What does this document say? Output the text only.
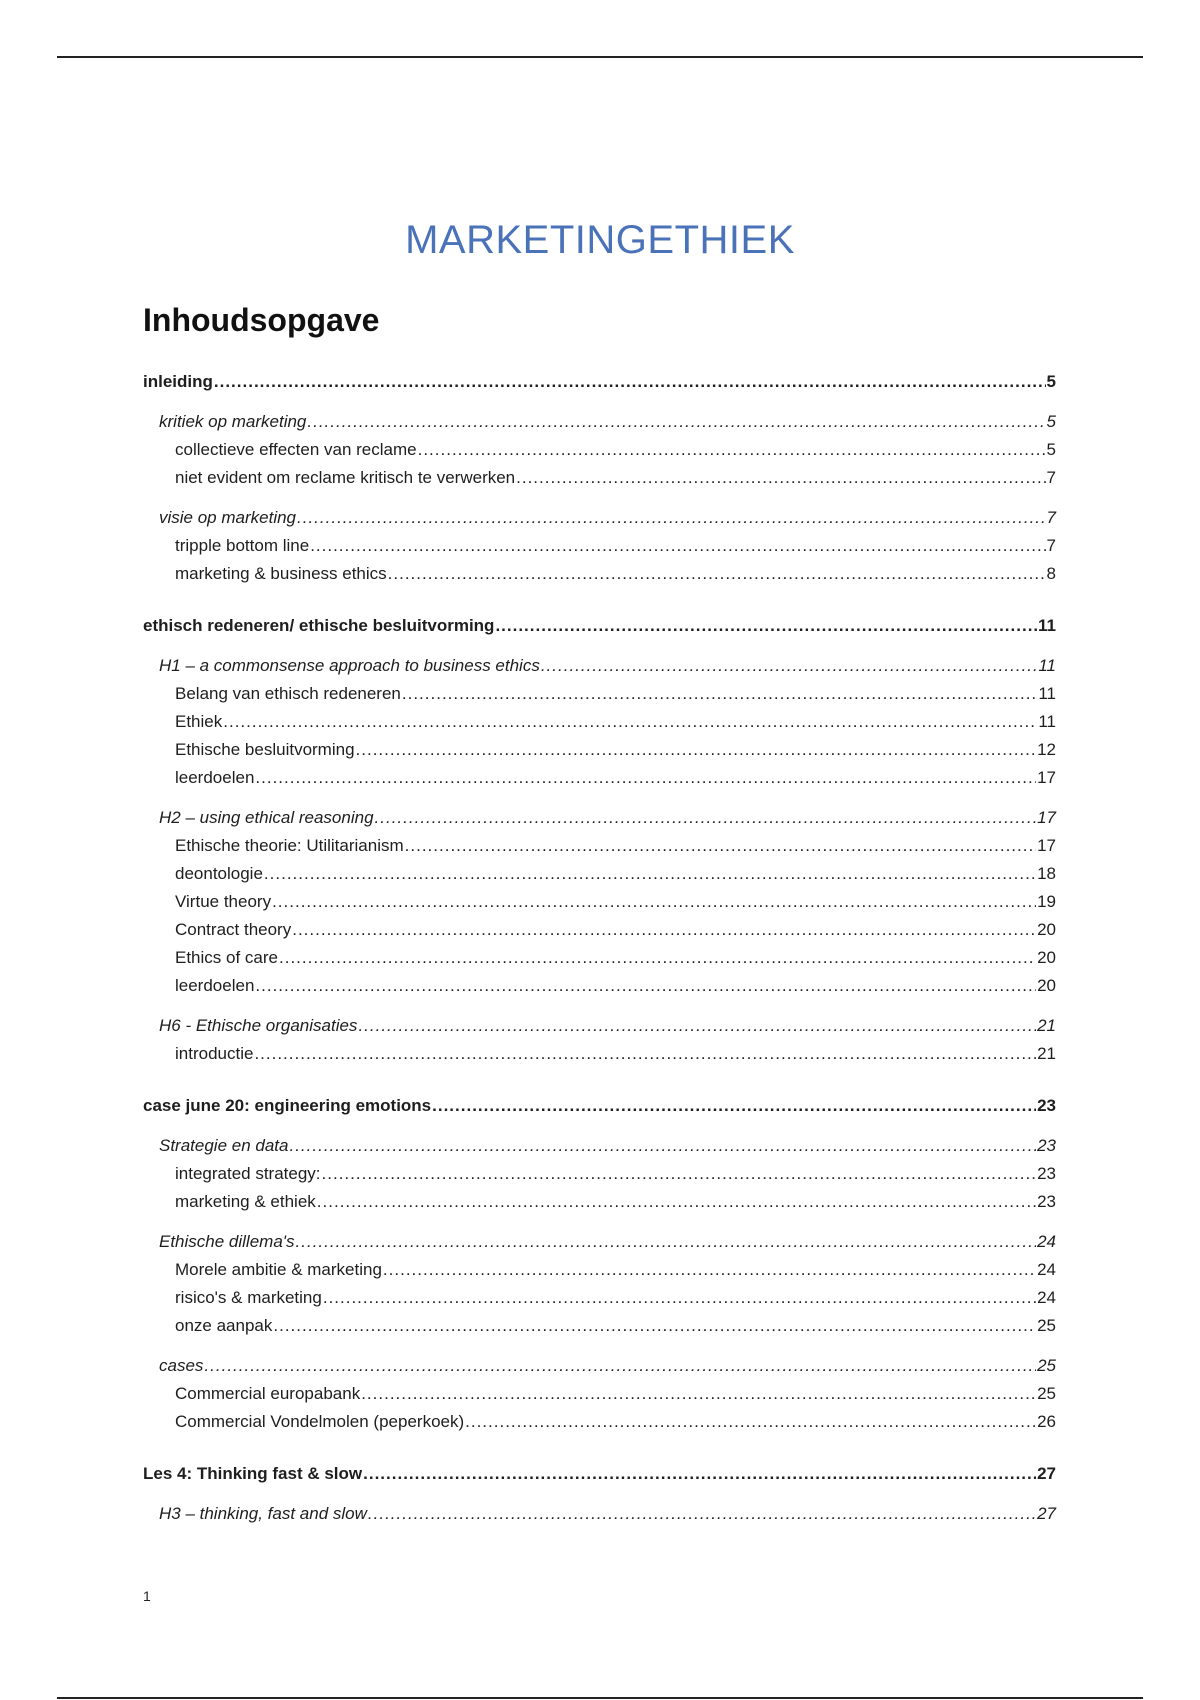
MARKETINGETHIEK
Inhoudsopgave
inleiding .....	5
kritiek op marketing .....	5
collectieve effecten van reclame .....	5
niet evident om reclame kritisch te verwerken .....	7
visie op marketing .....	7
tripple bottom line .....	7
marketing & business ethics .....	8
ethisch redeneren/ ethische besluitvorming .....	11
H1 – a commonsense approach to business ethics .....	11
Belang van ethisch redeneren .....	11
Ethiek .....	11
Ethische besluitvorming .....	12
leerdoelen .....	17
H2 – using ethical reasoning .....	17
Ethische theorie: Utilitarianism .....	17
deontologie .....	18
Virtue theory .....	19
Contract theory .....	20
Ethics of care .....	20
leerdoelen .....	20
H6 - Ethische organisaties .....	21
introductie .....	21
case june 20: engineering emotions .....	23
Strategie en data .....	23
integrated strategy: .....	23
marketing & ethiek .....	23
Ethische dillema's .....	24
Morele ambitie & marketing .....	24
risico's & marketing .....	24
onze aanpak .....	25
cases .....	25
Commercial europabank .....	25
Commercial Vondelmolen (peperkoek) .....	26
Les 4: Thinking fast & slow .....	27
H3 – thinking, fast and slow .....	27
1
